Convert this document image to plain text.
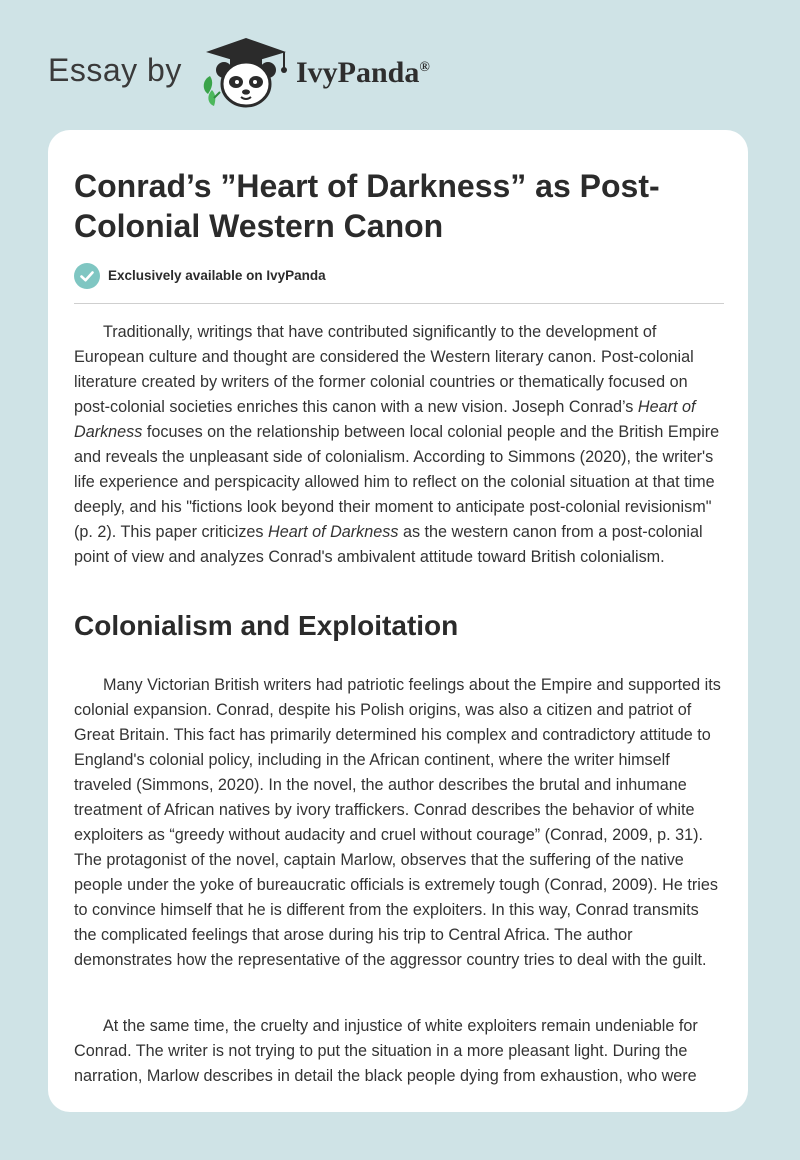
Essay by	IvyPanda®
Conrad’s ”Heart of Darkness” as Post-Colonial Western Canon
Exclusively available on IvyPanda

Traditionally, writings that have contributed significantly to the development of European culture and thought are considered the Western literary canon. Post-colonial literature created by writers of the former colonial countries or thematically focused on post-colonial societies enriches this canon with a new vision. Joseph Conrad’s Heart of Darkness focuses on the relationship between local colonial people and the British Empire and reveals the unpleasant side of colonialism. According to Simmons (2020), the writer's life experience and perspicacity allowed him to reflect on the colonial situation at that time deeply, and his "fictions look beyond their moment to anticipate post-colonial revisionism" (p. 2). This paper criticizes Heart of Darkness as the western canon from a post-colonial point of view and analyzes Conrad's ambivalent attitude toward British colonialism.

Colonialism and Exploitation

Many Victorian British writers had patriotic feelings about the Empire and supported its colonial expansion. Conrad, despite his Polish origins, was also a citizen and patriot of Great Britain. This fact has primarily determined his complex and contradictory attitude to England's colonial policy, including in the African continent, where the writer himself traveled (Simmons, 2020). In the novel, the author describes the brutal and inhumane treatment of African natives by ivory traffickers. Conrad describes the behavior of white exploiters as “greedy without audacity and cruel without courage” (Conrad, 2009, p. 31). The protagonist of the novel, captain Marlow, observes that the suffering of the native people under the yoke of bureaucratic officials is extremely tough (Conrad, 2009). He tries to convince himself that he is different from the exploiters. In this way, Conrad transmits the complicated feelings that arose during his trip to Central Africa. The author demonstrates how the representative of the aggressor country tries to deal with the guilt.

At the same time, the cruelty and injustice of white exploiters remain undeniable for Conrad. The writer is not trying to put the situation in a more pleasant light. During the narration, Marlow describes in detail the black people dying from exhaustion, who were
